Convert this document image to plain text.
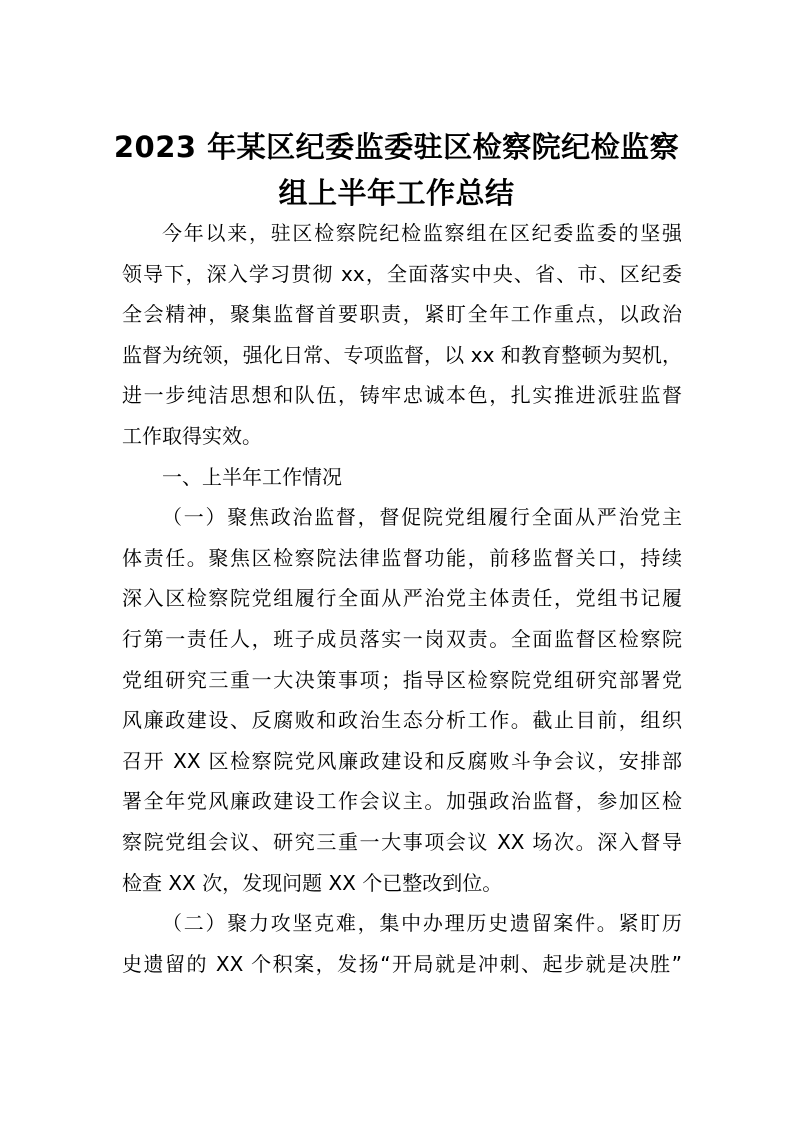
2023 年某区纪委监委驻区检察院纪检监察
组上半年工作总结
今年以来，驻区检察院纪检监察组在区纪委监委的坚强
领导下，深入学习贯彻 xx，全面落实中央、省、市、区纪委
全会精神，聚集监督首要职责，紧盯全年工作重点，以政治
监督为统领，强化日常、专项监督，以 xx 和教育整顿为契机，
进一步纯洁思想和队伍，铸牢忠诚本色，扎实推进派驻监督
工作取得实效。
一、上半年工作情况
（一）聚焦政治监督，督促院党组履行全面从严治党主
体责任。聚焦区检察院法律监督功能，前移监督关口，持续
深入区检察院党组履行全面从严治党主体责任，党组书记履
行第一责任人，班子成员落实一岗双责。全面监督区检察院
党组研究三重一大决策事项；指导区检察院党组研究部署党
风廉政建设、反腐败和政治生态分析工作。截止目前，组织
召开 XX 区检察院党风廉政建设和反腐败斗争会议，安排部
署全年党风廉政建设工作会议主。加强政治监督，参加区检
察院党组会议、研究三重一大事项会议 XX 场次。深入督导
检查 XX 次，发现问题 XX 个已整改到位。
（二）聚力攻坚克难，集中办理历史遗留案件。紧盯历
史遗留的 XX 个积案，发扬“开局就是冲刺、起步就是决胜”
